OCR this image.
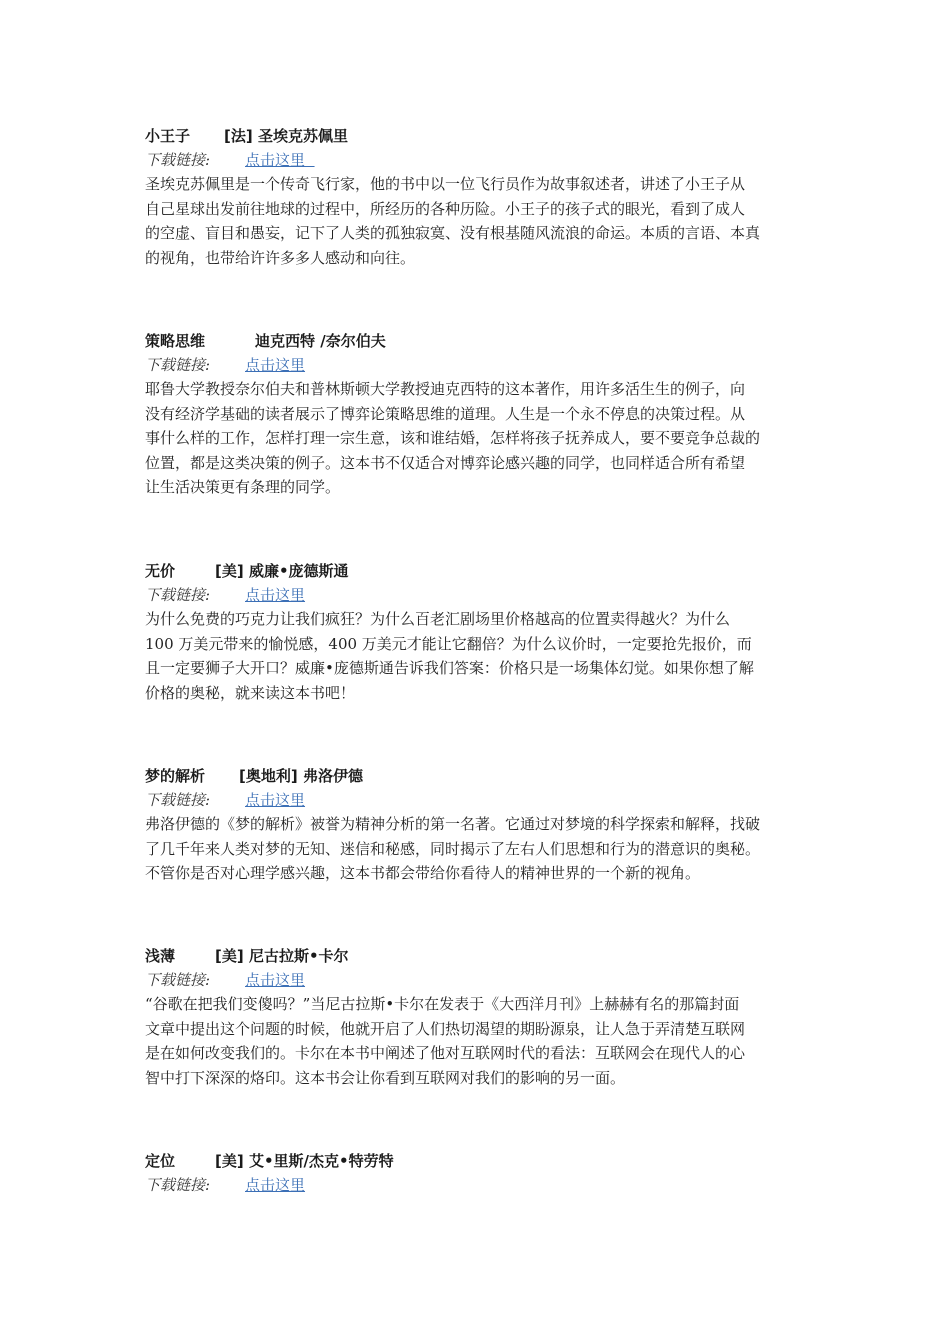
小王子 [法] 圣埃克苏佩里
下载链接: 点击这里
圣埃克苏佩里是一个传奇飞行家，他的书中以一位飞行员作为故事叙述者，讲述了小王子从
自己星球出发前往地球的过程中，所经历的各种历险。小王子的孩子式的眼光，看到了成人
的空虚、盲目和愚妄，记下了人类的孤独寂寞、没有根基随风流浪的命运。本质的言语、本真
的视角，也带给许许多多人感动和向往。
策略思维	迪克西特 /奈尔伯夫
下载链接: 点击这里
耶鲁大学教授奈尔伯夫和普林斯顿大学教授迪克西特的这本著作，用许多活生生的例子，向
没有经济学基础的读者展示了博弈论策略思维的道理。人生是一个永不停息的决策过程。从
事什么样的工作，怎样打理一宗生意，该和谁结婚，怎样将孩子抚养成人，要不要竞争总裁的
位置，都是这类决策的例子。这本书不仅适合对博弈论感兴趣的同学，也同样适合所有希望
让生活决策更有条理的同学。
无价	[美] 威廉•庞德斯通
下载链接: 点击这里
为什么免费的巧克力让我们疯狂？为什么百老汇剧场里价格越高的位置卖得越火？为什么
100 万美元带来的愉悦感，400 万美元才能让它翻倍？为什么议价时，一定要抢先报价，而
且一定要狮子大开口？威廉•庞德斯通告诉我们答案：价格只是一场集体幻觉。如果你想了解
价格的奥秘，就来读这本书吧！
梦的解析 [奥地利] 弗洛伊德
下载链接: 点击这里
弗洛伊德的《梦的解析》被誉为精神分析的第一名著。它通过对梦境的科学探索和解释，找破
了几千年来人类对梦的无知、迷信和秘感，同时揭示了左右人们思想和行为的潜意识的奥秘。
不管你是否对心理学感兴趣，这本书都会带给你看待人的精神世界的一个新的视角。
浅薄	[美] 尼古拉斯•卡尔
下载链接: 点击这里
“谷歌在把我们变傻吗？”当尼古拉斯•卡尔在发表于《大西洋月刊》上赫赫有名的那篇封面
文章中提出这个问题的时候，他就开启了人们热切渴望的期盼源泉，让人急于弄清楚互联网
是在如何改变我们的。卡尔在本书中阐述了他对互联网时代的看法：互联网会在现代人的心
智中打下深深的烙印。这本书会让你看到互联网对我们的影响的另一面。
定位	[美] 艾•里斯/杰克•特劳特
下载链接: 点击这里
